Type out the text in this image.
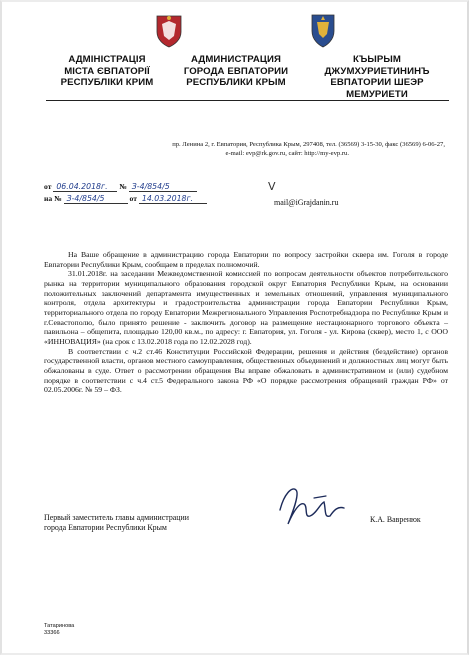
АДМІНІСТРАЦІЯ
МІСТА ЄВПАТОРІЇ
РЕСПУБЛІКИ КРИМ
АДМИНИСТРАЦИЯ
ГОРОДА ЕВПАТОРИИ
РЕСПУБЛИКИ КРЫМ
КЪЫРЫМ
ДЖУМХУРИЕТИНИНЪ
ЕВПАТОРИИ ШЕЭР
МЕМУРИЕТИ
пр. Ленина 2, г. Евпатория, Республика Крым, 297408, тел. (36569) 3-15-30, факс (36569) 6-06-27,
e-mail: evp@rk.gov.ru, сайт: http://my-evp.ru.
от 06.04.2018г. № З-4/854/5
на № З-4/854/5	от 14.03.2018г.
V
mail@iGrajdanin.ru

На Ваше обращение в администрацию города Евпатории по вопросу застройки сквера им. Гоголя в городе Евпатории Республики Крым, сообщаем в пределах полномочий.

31.01.2018г. на заседании Межведомственной комиссией по вопросам деятельности объектов потребительского рынка на территории муниципального образования городской округ Евпатория Республики Крым, на основании положительных заключений департамента имущественных и земельных отношений, управления муниципального контроля, отдела архитектуры и градостроительства администрации города Евпатории Республики Крым, территориального отдела по городу Евпатории Межрегионального Управления Роспотребнадзора по Республике Крым и г.Севастополю, было принято решение - заключить договор на размещение нестационарного торгового объекта – павильона – общепита, площадью 120,00 кв.м., по адресу: г. Евпатория, ул. Гоголя - ул. Кирова (сквер), место 1, с ООО «ИННОВАЦИЯ» (на срок с 13.02.2018 года по 12.02.2028 год).

В соответствии с ч.2 ст.46 Конституции Российской Федерации, решения и действия (бездействие) органов государственной власти, органов местного самоуправления, общественных объединений и должностных лиц могут быть обжалованы в суде. Ответ о рассмотрении обращения Вы вправе обжаловать в административном и (или) судебном порядке в соответствии с ч.4 ст.5 Федерального закона РФ «О порядке рассмотрения обращений граждан РФ» от 02.05.2006г. № 59 – ФЗ.

Первый заместитель главы администрации
города Евпатории Республики Крым
К.А. Вавренюк
Татаринова
33366
